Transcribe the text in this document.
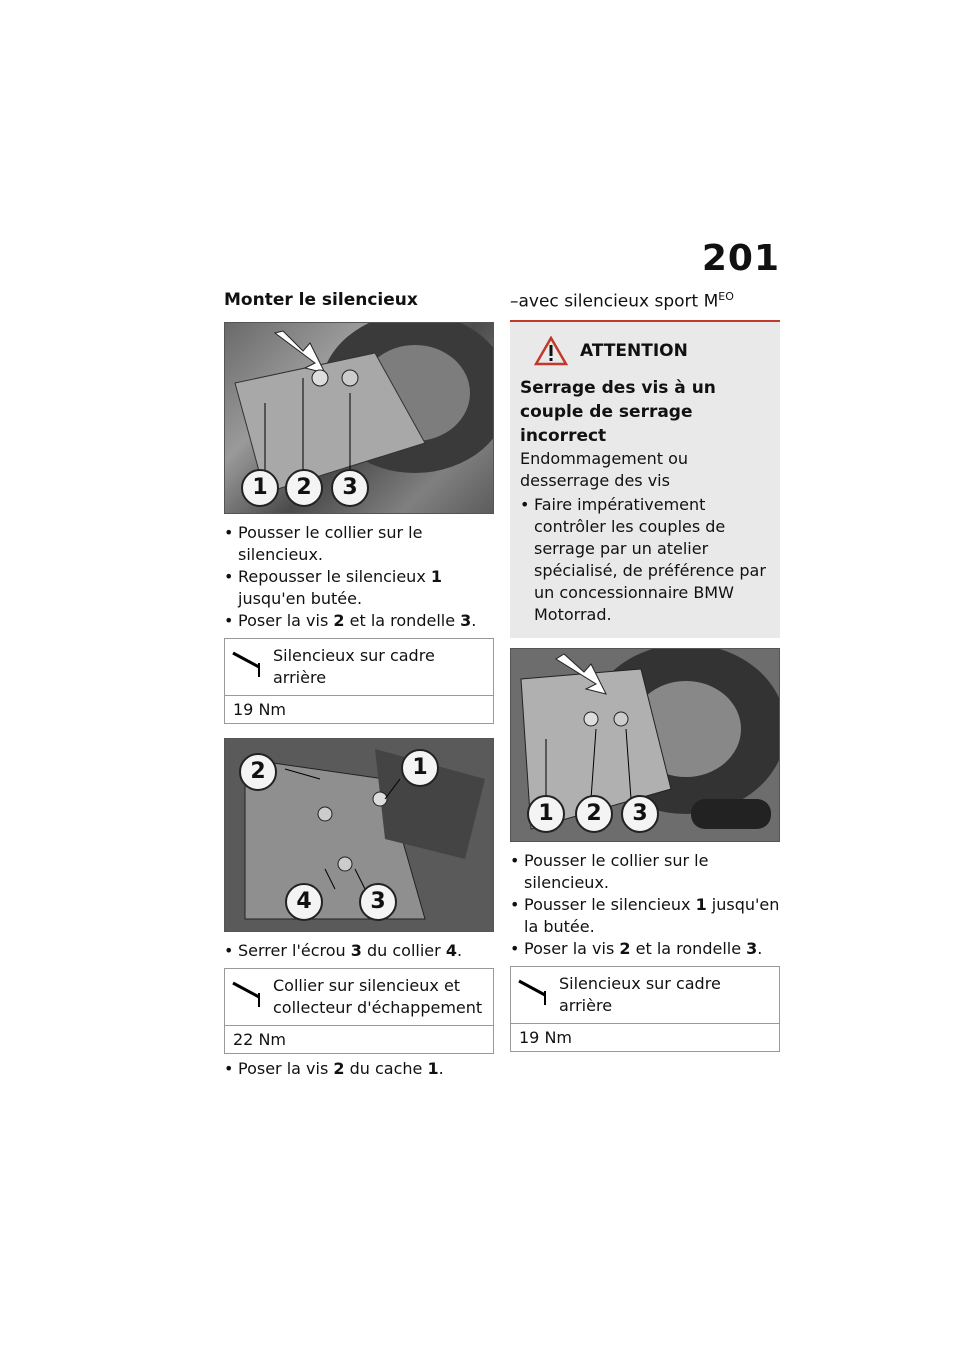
201
Monter le silencieux
1	2	3
• Pousser le collier sur le silencieux.
• Repousser le silencieux 1 jusqu'en butée.
• Poser la vis 2 et la rondelle 3.
Silencieux sur cadre arrière
19 Nm
2	1
4	3
• Serrer l'écrou 3 du collier 4.
Collier sur silencieux et collecteur d'échappement
22 Nm
• Poser la vis 2 du cache 1.
–avec silencieux sport $M^{EO}$
ATTENTION
Serrage des vis à un couple de serrage incorrect
Endommagement ou desserrage des vis
• Faire impérativement contrôler les couples de serrage par un atelier spécialisé, de préférence par un concessionnaire BMW Motorrad.
1	2	3
• Pousser le collier sur le silencieux.
• Pousser le silencieux 1 jusqu'en la butée.
• Poser la vis 2 et la rondelle 3.
Silencieux sur cadre arrière
19 Nm
